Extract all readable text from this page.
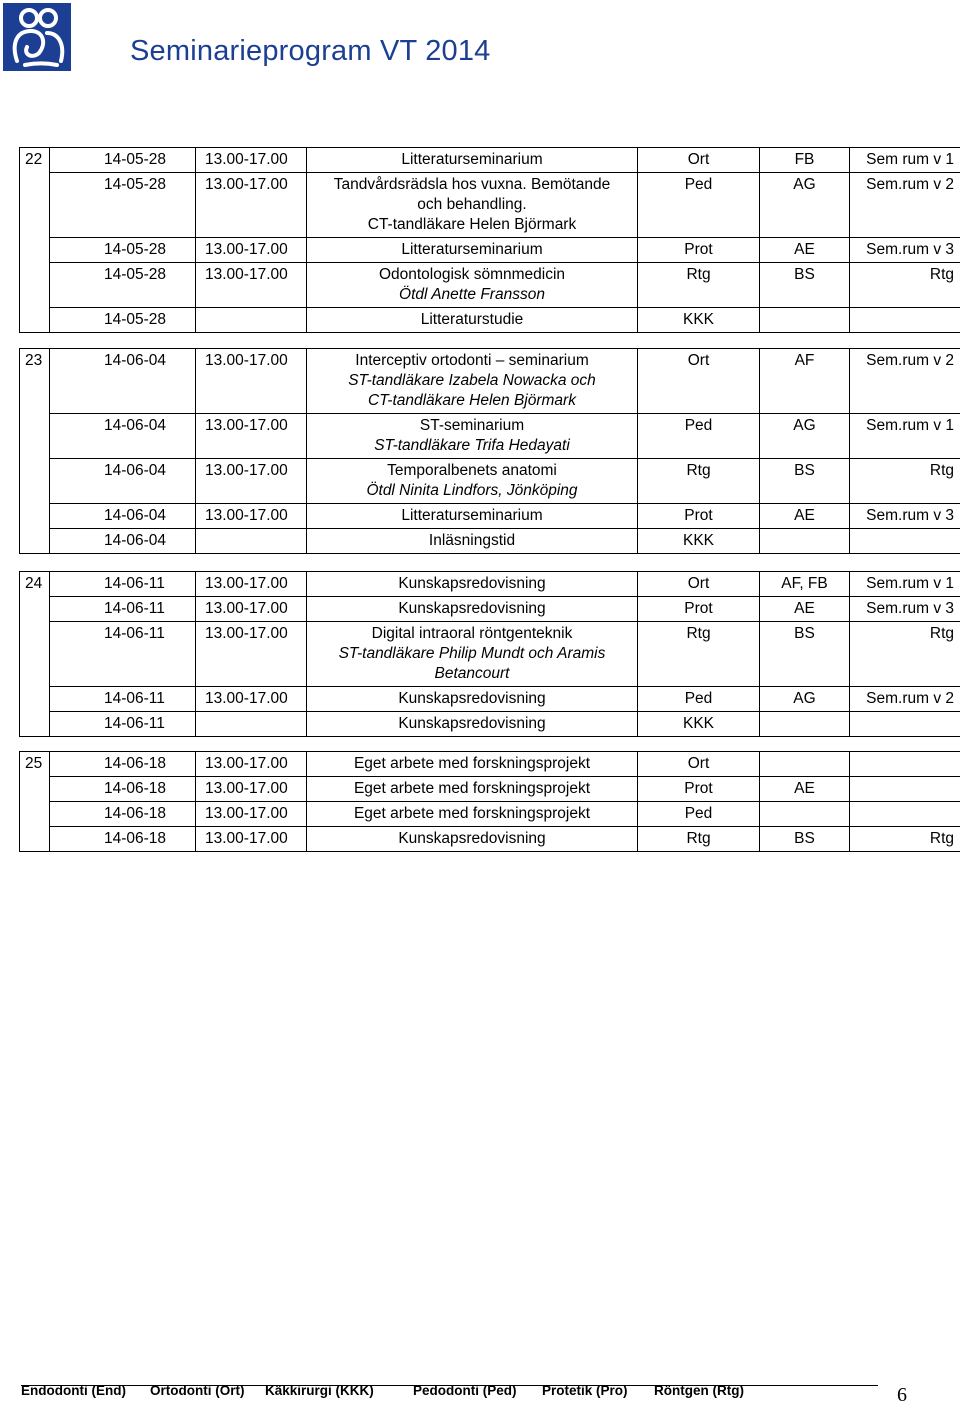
Seminarieprogram VT 2014
22	14-05-28	13.00-17.00	Litteraturseminarium	Ort	FB	Sem rum v 1
	14-05-28	13.00-17.00	Tandvårdsrädsla hos vuxna. Bemötande
och behandling.
CT-tandläkare Helen Björmark	Ped	AG	Sem.rum v 2
	14-05-28	13.00-17.00	Litteraturseminarium	Prot	AE	Sem.rum v 3
	14-05-28	13.00-17.00	Odontologisk sömnmedicin
Ötdl Anette Fransson	Rtg	BS	Rtg
	14-05-28		Litteraturstudie	KKK		
23	14-06-04	13.00-17.00	Interceptiv ortodonti – seminarium
ST-tandläkare Izabela Nowacka och
CT-tandläkare Helen Björmark	Ort	AF	Sem.rum v 2
	14-06-04	13.00-17.00	ST-seminarium
ST-tandläkare Trifa Hedayati	Ped	AG	Sem.rum v 1
	14-06-04	13.00-17.00	Temporalbenets anatomi
Ötdl Ninita Lindfors, Jönköping	Rtg	BS	Rtg
	14-06-04	13.00-17.00	Litteraturseminarium	Prot	AE	Sem.rum v 3
	14-06-04		Inläsningstid	KKK		
24	14-06-11	13.00-17.00	Kunskapsredovisning	Ort	AF, FB	Sem.rum v 1
	14-06-11	13.00-17.00	Kunskapsredovisning	Prot	AE	Sem.rum v 3
	14-06-11	13.00-17.00	Digital intraoral röntgenteknik
ST-tandläkare Philip Mundt och Aramis
Betancourt	Rtg	BS	Rtg
	14-06-11	13.00-17.00	Kunskapsredovisning	Ped	AG	Sem.rum v 2
	14-06-11		Kunskapsredovisning	KKK		
25	14-06-18	13.00-17.00	Eget arbete med forskningsprojekt	Ort		
	14-06-18	13.00-17.00	Eget arbete med forskningsprojekt	Prot	AE	
	14-06-18	13.00-17.00	Eget arbete med forskningsprojekt	Ped		
	14-06-18	13.00-17.00	Kunskapsredovisning	Rtg	BS	Rtg
Endodonti (End) Ortodonti (Ort) Käkkirurgi (KKK)	Pedodonti (Ped) Protetik (Pro) Röntgen (Rtg)	6
